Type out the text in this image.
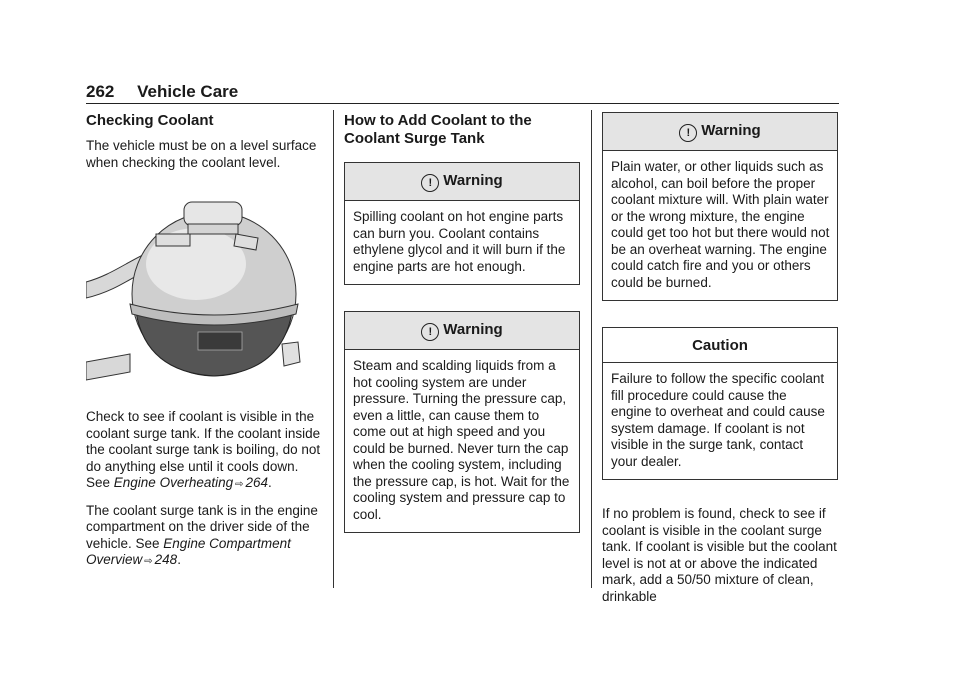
262 Vehicle Care
Checking Coolant

The vehicle must be on a level surface when checking the coolant level.

Check to see if coolant is visible in the coolant surge tank. If the coolant inside the coolant surge tank is boiling, do not do anything else until it cools down. See Engine Overheating ⇨ 264.

The coolant surge tank is in the engine compartment on the driver side of the vehicle. See Engine Compartment Overview ⇨ 248.

How to Add Coolant to the Coolant Surge Tank
! Warning
Spilling coolant on hot engine parts can burn you. Coolant contains ethylene glycol and it will burn if the engine parts are hot enough.
! Warning
Steam and scalding liquids from a hot cooling system are under pressure. Turning the pressure cap, even a little, can cause them to come out at high speed and you could be burned. Never turn the cap when the cooling system, including the pressure cap, is hot. Wait for the cooling system and pressure cap to cool.
! Warning
Plain water, or other liquids such as alcohol, can boil before the proper coolant mixture will. With plain water or the wrong mixture, the engine could get too hot but there would not be an overheat warning. The engine could catch fire and you or others could be burned.
Caution
Failure to follow the specific coolant fill procedure could cause the engine to overheat and could cause system damage. If coolant is not visible in the surge tank, contact your dealer.

If no problem is found, check to see if coolant is visible in the coolant surge tank. If coolant is visible but the coolant level is not at or above the indicated mark, add a 50/50 mixture of clean, drinkable
